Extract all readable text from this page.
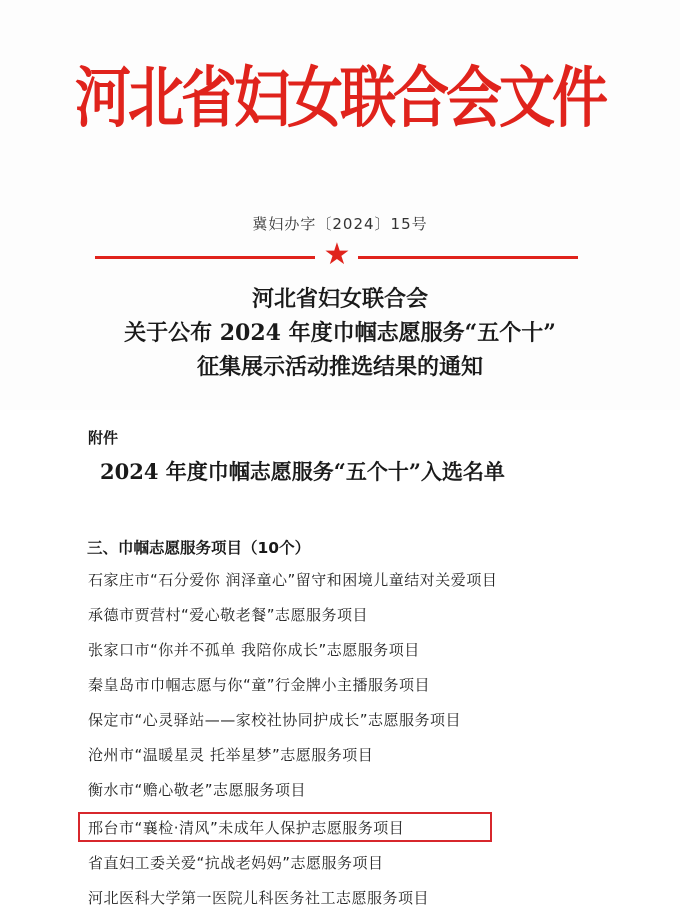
河北省妇女联合会文件
冀妇办字〔2024〕15号
★
河北省妇女联合会
关于公布 2024 年度巾帼志愿服务“五个十”
征集展示活动推选结果的通知
附件
2024 年度巾帼志愿服务“五个十”入选名单
三、巾帼志愿服务项目（10个）
石家庄市“石分爱你 润泽童心”留守和困境儿童结对关爱项目
承德市贾营村“爱心敬老餐”志愿服务项目
张家口市“你并不孤单 我陪你成长”志愿服务项目
秦皇岛市巾帼志愿与你“童”行金牌小主播服务项目
保定市“心灵驿站——家校社协同护成长”志愿服务项目
沧州市“温暖星灵 托举星梦”志愿服务项目
衡水市“赡心敬老”志愿服务项目
邢台市“襄检·清风”未成年人保护志愿服务项目
省直妇工委关爱“抗战老妈妈”志愿服务项目
河北医科大学第一医院儿科医务社工志愿服务项目
